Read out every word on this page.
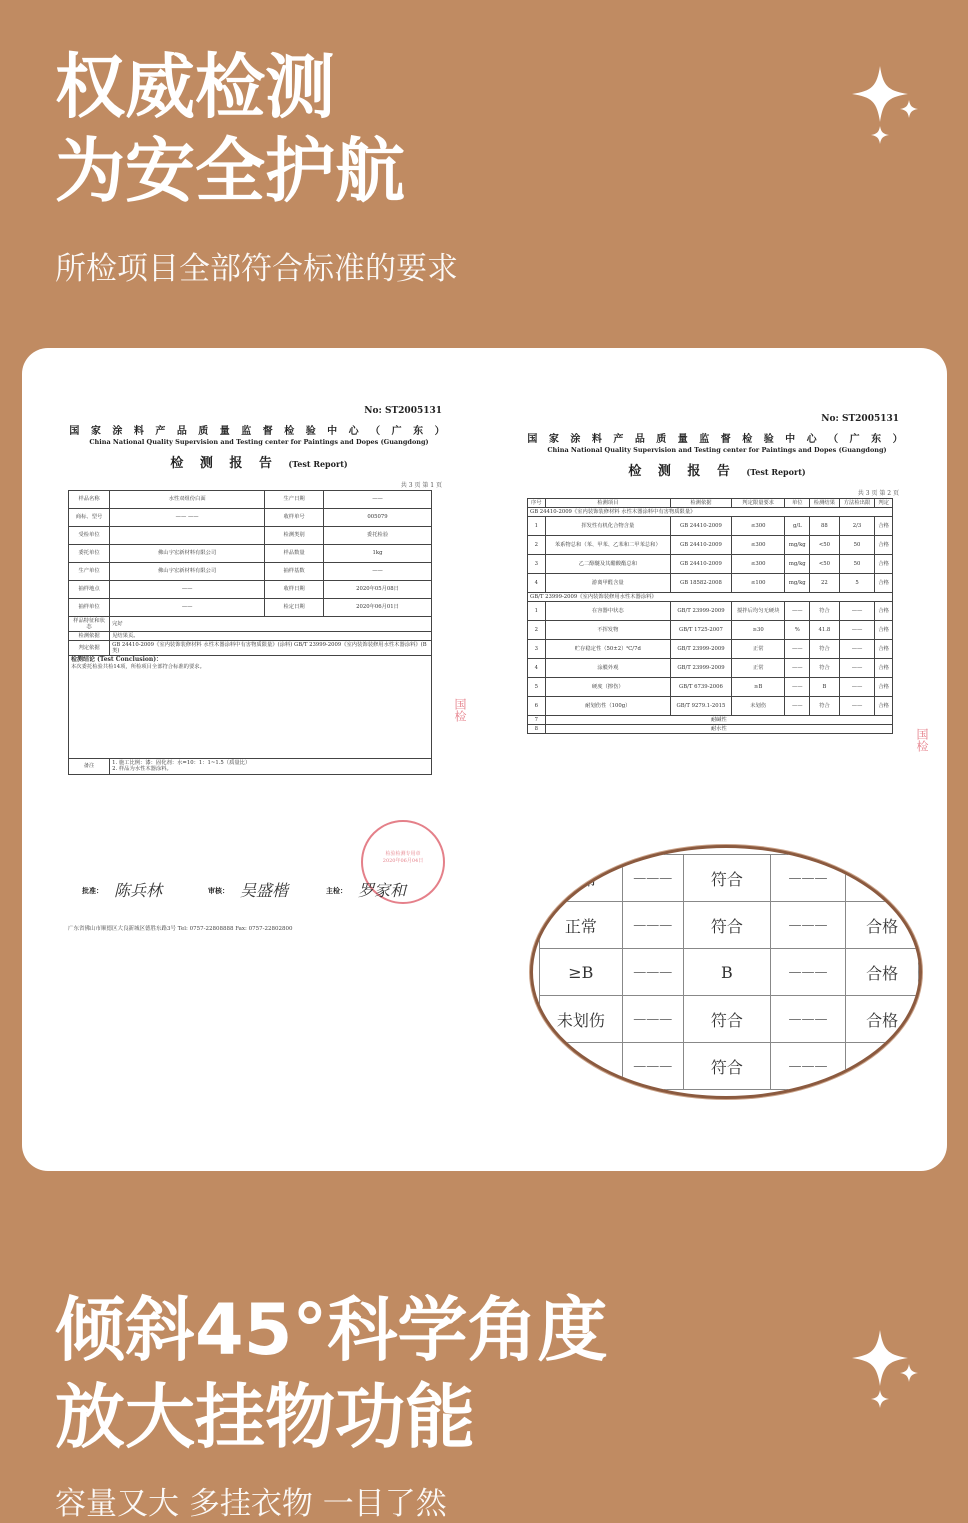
权威检测
为安全护航
所检项目全部符合标准的要求
No: ST2005131
国 家 涂 料 产 品 质 量 监 督 检 验 中 心 （ 广 东 ）
China National Quality Supervision and Testing center for Paintings and Dopes (Guangdong)
检 测 报 告 (Test Report)
共 3 页 第 1 页
样品名称	水性双组份白面	生产日期	——
商标、型号	—— ——	收样单号	005079
受检单位		检测类别	委托检验
委托单位	佛山宇宏新材料有限公司	样品数量	1kg
生产单位	佛山宇宏新材料有限公司	抽样基数	——
抽样地点	——	收样日期	2020年05月08日
抽样单位	——	检定日期	2020年06月01日
样品特征和状态	完好		
检测依据	见结果页。		
判定依据	GB 24410-2009《室内装饰装修材料 水性木器涂料中有害物质限量》(涂料) GB/T 23999-2009《室内装饰装修用水性木器涂料》(B类)		

检测结论 (Test Conclusion)：
本次委托检验共检14项，所检项目全部符合标准的要求。			

备注	1. 施工比例：漆：固化剂：水=10：1：1~1.5（质量比）
2. 样品为水性木器涂料。		
检验检测专用章
2020年06月04日
批准： 陈兵林	审核： 吴盛楷	主检： 罗家和
广东省佛山市顺德区大良新城区德胜东路3号 Tel: 0757-22808888 Fax: 0757-22802800
国检
国检
No: ST2005131
国 家 涂 料 产 品 质 量 监 督 检 验 中 心 （ 广 东 ）
China National Quality Supervision and Testing center for Paintings and Dopes (Guangdong)
检 测 报 告 (Test Report)
共 3 页 第 2 页
序号	检测项目	检测依据	判定限量要求	单位	检测结果	方法检出限	判定
GB 24410-2009《室内装饰装修材料 水性木器涂料中有害物质限量》							
1	挥发性有机化合物含量	GB 24410-2009	≤300	g/L	88	2/3	合格
2	苯系物总和（苯、甲苯、乙苯和二甲苯总和）	GB 24410-2009	≤300	mg/kg	<50	50	合格
3	乙二醇醚及其醋酸酯总和	GB 24410-2009	≤300	mg/kg	<50	50	合格
4	游离甲醛含量	GB 18582-2008	≤100	mg/kg	22	5	合格
GB/T 23999-2009《室内装饰装修用水性木器涂料》							
1	在容器中状态	GB/T 23999-2009	搅拌后均匀无硬块	——	符合	——	合格
2	不挥发物	GB/T 1725-2007	≥30	%	41.8	——	合格
3	贮存稳定性（50±2）℃/7d	GB/T 23999-2009	正常	——	符合	——	合格
4	涂膜外观	GB/T 23999-2009	正常	——	符合	——	合格
5	硬度（擦伤）	GB/T 6739-2006	≥B	——	B	——	合格
6	耐划伤性（100g）	GB/T 9279.1-2015	未划伤	——	符合	——	合格
7	耐碱性						
8	耐水性						
异常	———	符合	———	合格
正常	———	符合	———	合格
≥B	———	B	———	合格
未划伤	———	符合	———	合格
	———	符合	———	
倾斜45°科学角度
放大挂物功能
容量又大 多挂衣物 一目了然
